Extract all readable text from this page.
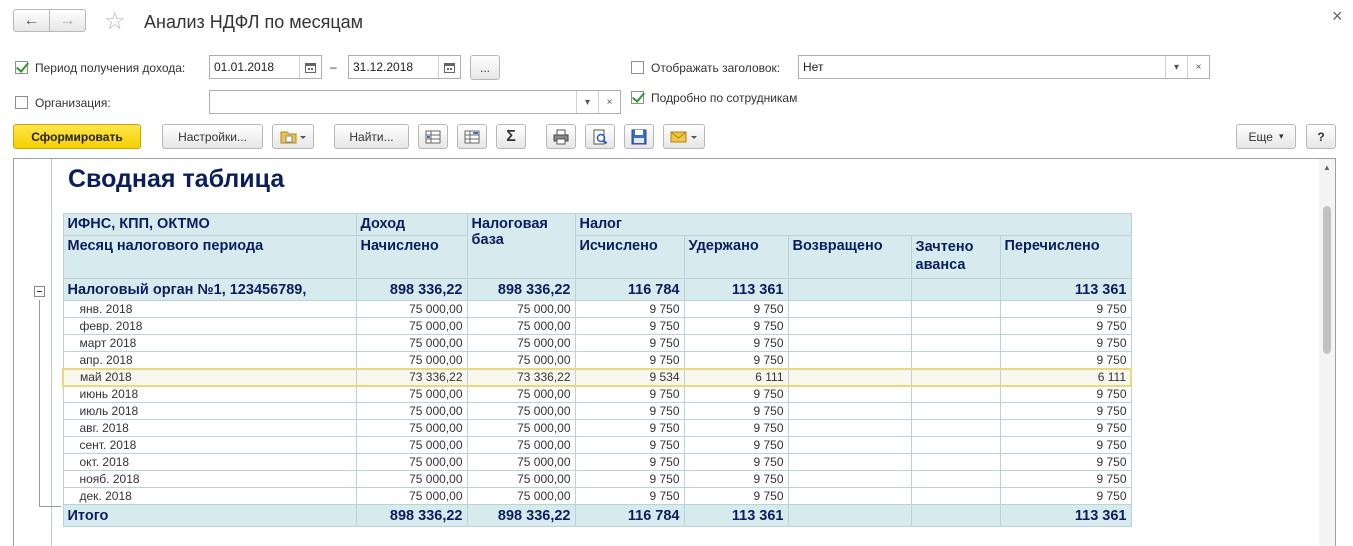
← → ☆ Анализ НДФЛ по месяцам	×
Период получения дохода: 01.01.2018	– 31.12.2018	...	Отображать заголовок: Нет	▾	×
Организация:	▾	×	Подробно по сотрудникам
Сформировать	Настройки...	Найти...	Σ	Еще ▾	?
Сводная таблица
ИФНС, КПП, ОКТМО	Доход	Налоговая база	Налог				
Месяц налогового периода	Начислено		Исчислено	Удержано	Возвращено	Зачтено аванса	Перечислено
Налоговый орган №1, 123456789,	898 336,22	898 336,22	116 784	113 361			113 361
янв. 2018	75 000,00	75 000,00	9 750	9 750			9 750
февр. 2018	75 000,00	75 000,00	9 750	9 750			9 750
март 2018	75 000,00	75 000,00	9 750	9 750			9 750
апр. 2018	75 000,00	75 000,00	9 750	9 750			9 750
май 2018	73 336,22	73 336,22	9 534	6 111			6 111
июнь 2018	75 000,00	75 000,00	9 750	9 750			9 750
июль 2018	75 000,00	75 000,00	9 750	9 750			9 750
авг. 2018	75 000,00	75 000,00	9 750	9 750			9 750
сент. 2018	75 000,00	75 000,00	9 750	9 750			9 750
окт. 2018	75 000,00	75 000,00	9 750	9 750			9 750
нояб. 2018	75 000,00	75 000,00	9 750	9 750			9 750
дек. 2018	75 000,00	75 000,00	9 750	9 750			9 750
Итого	898 336,22	898 336,22	116 784	113 361			113 361
▲
